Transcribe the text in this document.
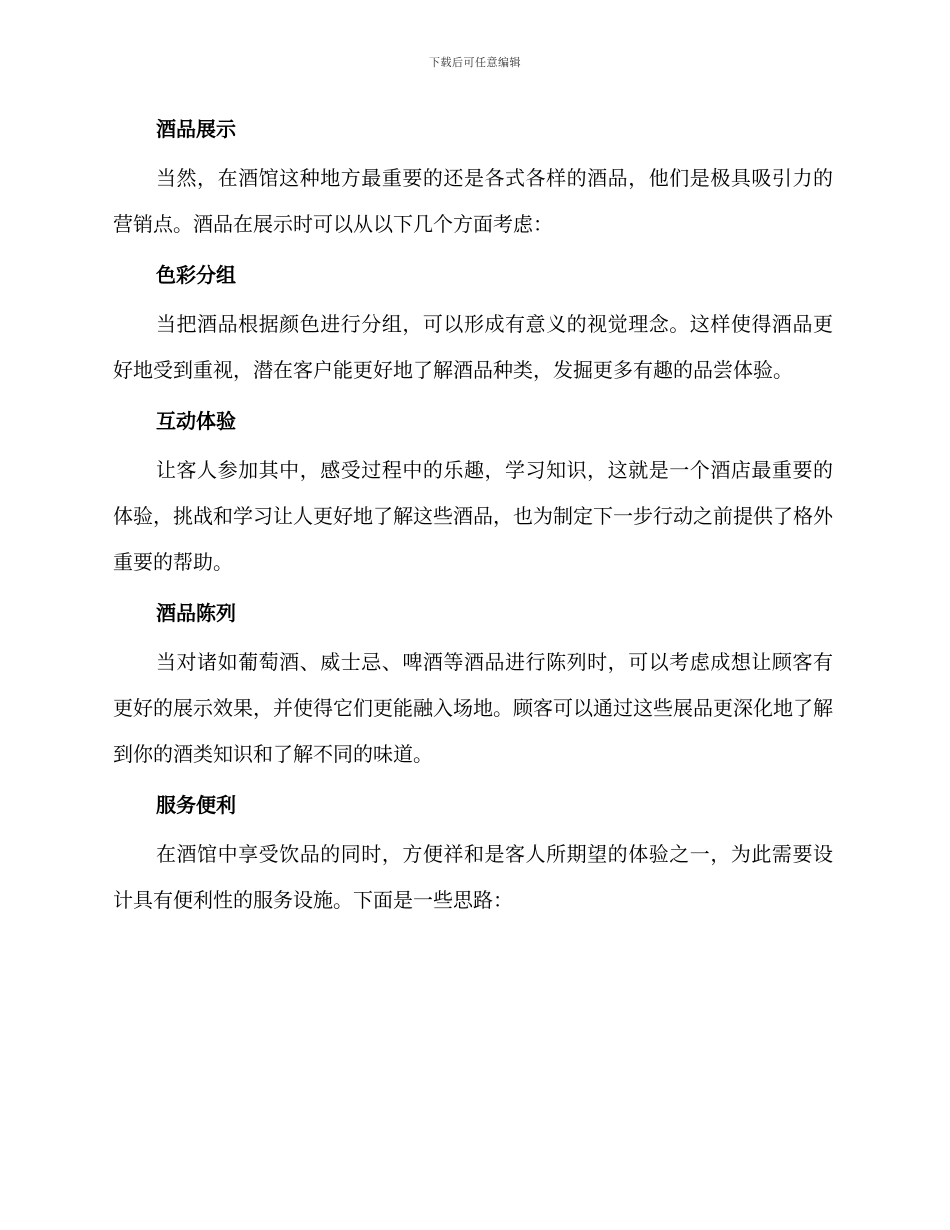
下载后可任意编辑
酒品展示

当然，在酒馆这种地方最重要的还是各式各样的酒品，他们是极具吸引力的营销点。酒品在展示时可以从以下几个方面考虑：

色彩分组

当把酒品根据颜色进行分组，可以形成有意义的视觉理念。这样使得酒品更好地受到重视，潜在客户能更好地了解酒品种类，发掘更多有趣的品尝体验。

互动体验

让客人参加其中，感受过程中的乐趣，学习知识，这就是一个酒店最重要的体验，挑战和学习让人更好地了解这些酒品，也为制定下一步行动之前提供了格外重要的帮助。

酒品陈列

当对诸如葡萄酒、威士忌、啤酒等酒品进行陈列时，可以考虑成想让顾客有更好的展示效果，并使得它们更能融入场地。顾客可以通过这些展品更深化地了解到你的酒类知识和了解不同的味道。

服务便利

在酒馆中享受饮品的同时，方便祥和是客人所期望的体验之一，为此需要设计具有便利性的服务设施。下面是一些思路：
